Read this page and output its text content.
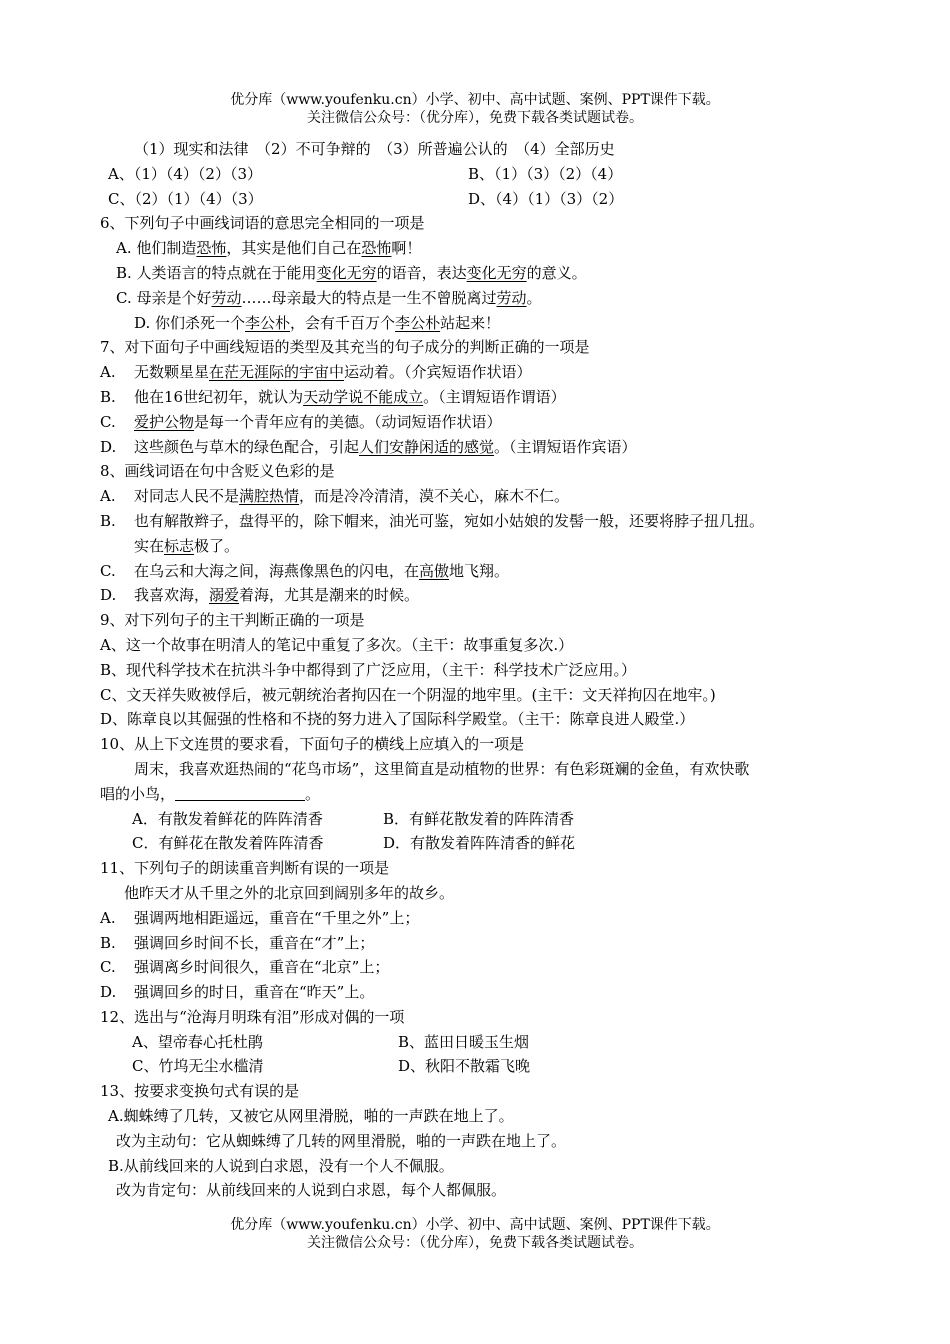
优分库（www.youfenku.cn）小学、初中、高中试题、案例、PPT课件下载。
关注微信公众号：（优分库），免费下载各类试题试卷。
（1）现实和法律　（2）不可争辩的　（3）所普遍公认的　（4）全部历史
A、（1）（4）（2）（3）	B、（1）（3）（2）（4）
C、（2）（1）（4）（3）	D、（4）（1）（3）（2）
6、下列句子中画线词语的意思完全相同的一项是
A. 他们制造恐怖，其实是他们自己在恐怖啊！
B. 人类语言的特点就在于能用变化无穷的语音，表达变化无穷的意义。
C. 母亲是个好劳动……母亲最大的特点是一生不曾脱离过劳动。
D. 你们杀死一个李公朴，会有千百万个李公朴站起来！
7、对下面句子中画线短语的类型及其充当的句子成分的判断正确的一项是
A. 无数颗星星在茫无涯际的宇宙中运动着。（介宾短语作状语）
B. 他在16世纪初年，就认为天动学说不能成立。（主谓短语作谓语）
C. 爱护公物是每一个青年应有的美德。（动词短语作状语）
D. 这些颜色与草木的绿色配合，引起人们安静闲适的感觉。（主谓短语作宾语）
8、画线词语在句中含贬义色彩的是
A. 对同志人民不是满腔热情，而是冷冷清清，漠不关心，麻木不仁。
B. 也有解散辫子，盘得平的，除下帽来，油光可鉴，宛如小姑娘的发髻一般，还要将脖子扭几扭。
实在标志极了。
C. 在乌云和大海之间，海燕像黑色的闪电，在高傲地飞翔。
D. 我喜欢海，溺爱着海，尤其是潮来的时候。
9、对下列句子的主干判断正确的一项是
A、这一个故事在明清人的笔记中重复了多次。（主干：故事重复多次.）
B、现代科学技术在抗洪斗争中都得到了广泛应用，（主干：科学技术广泛应用。）
C、文天祥失败被俘后，被元朝统治者拘囚在一个阴湿的地牢里。(主干：文天祥拘囚在地牢。)
D、陈章良以其倔强的性格和不挠的努力进入了国际科学殿堂。（主干：陈章良进人殿堂.）
10、从上下文连贯的要求看，下面句子的横线上应填入的一项是
周末，我喜欢逛热闹的“花鸟市场”，这里简直是动植物的世界：有色彩斑斓的金鱼，有欢快歌
唱的小鸟，	。
A．有散发着鲜花的阵阵清香	B．有鲜花散发着的阵阵清香
C．有鲜花在散发着阵阵清香	D．有散发着阵阵清香的鲜花
11、下列句子的朗读重音判断有误的一项是
他昨天才从千里之外的北京回到阔别多年的故乡。
A. 强调两地相距遥远，重音在“千里之外”上；
B. 强调回乡时间不长，重音在“才”上；
C. 强调离乡时间很久，重音在“北京”上；
D. 强调回乡的时日，重音在“昨天”上。
12、选出与“沧海月明珠有泪”形成对偶的一项
A、望帝春心托杜鹃	B、蓝田日暖玉生烟
C、竹坞无尘水槛清	D、秋阳不散霜飞晚
13、按要求变换句式有误的是
A.蜘蛛缚了几转，又被它从网里滑脱，啪的一声跌在地上了。
改为主动句：它从蜘蛛缚了几转的网里滑脱，啪的一声跌在地上了。
B.从前线回来的人说到白求恩，没有一个人不佩服。
改为肯定句：从前线回来的人说到白求恩，每个人都佩服。
优分库（www.youfenku.cn）小学、初中、高中试题、案例、PPT课件下载。
关注微信公众号：（优分库），免费下载各类试题试卷。
